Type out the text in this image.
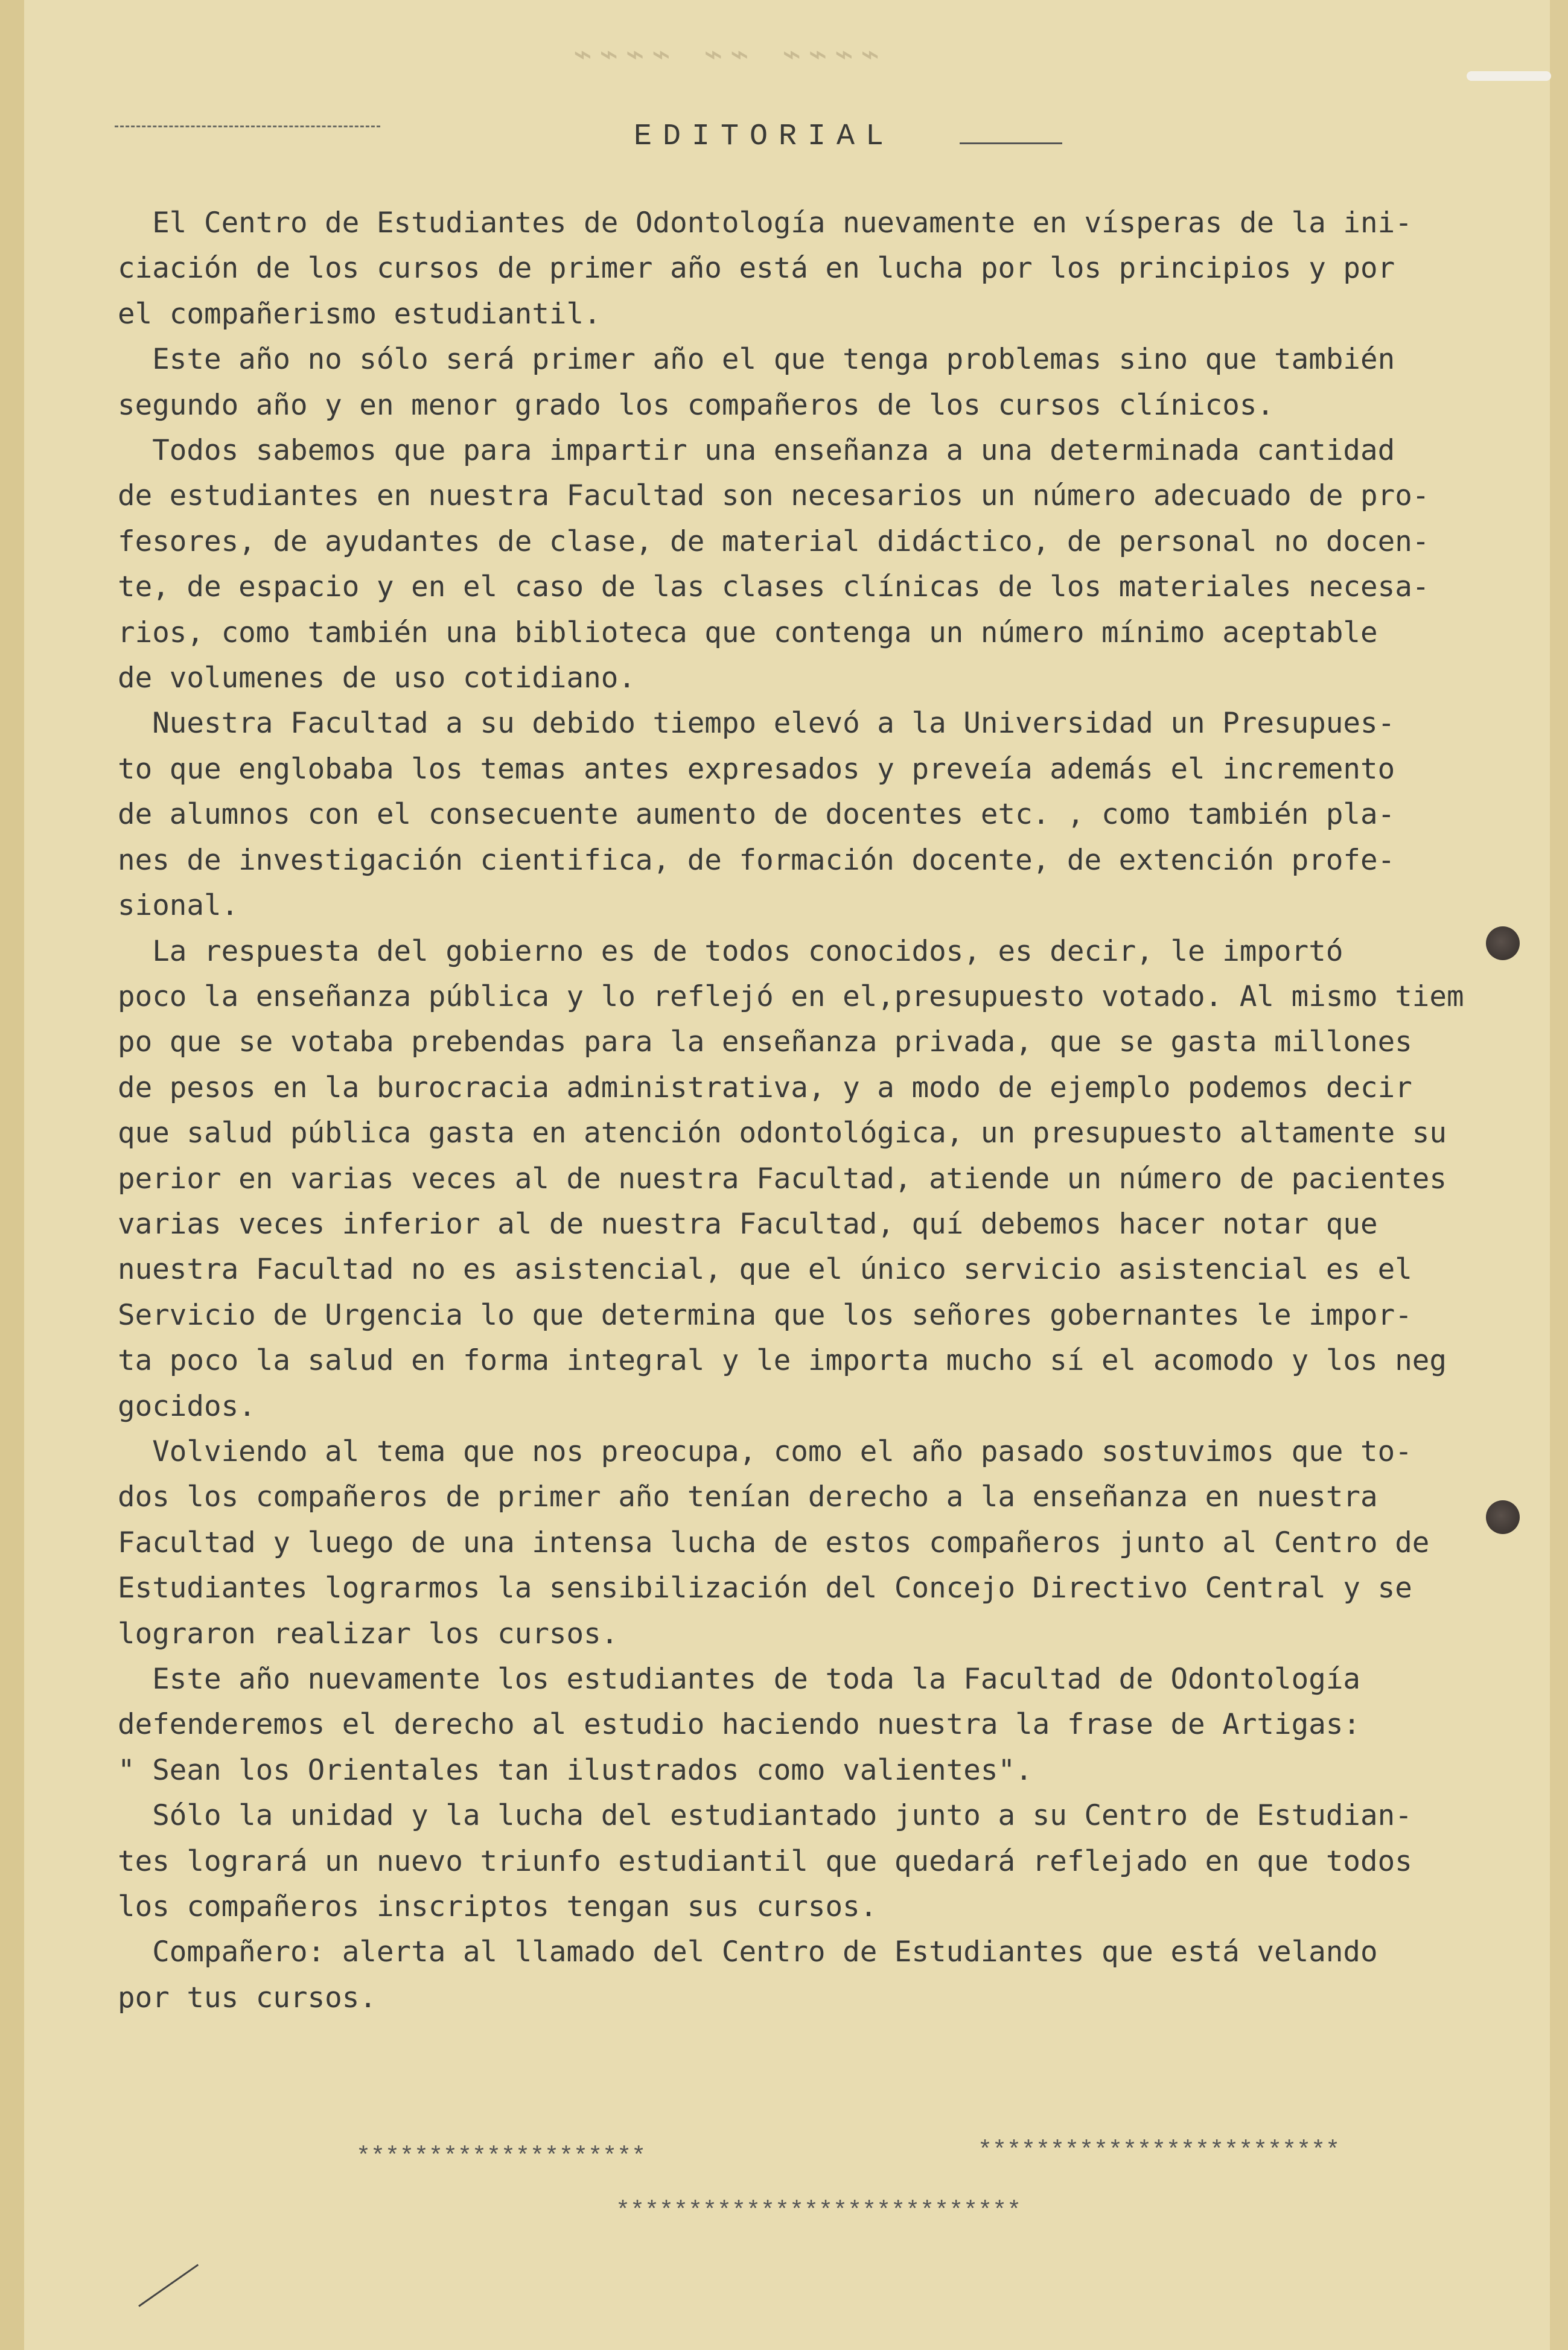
⌁⌁⌁⌁ ⌁⌁ ⌁⌁⌁⌁
EDITORIAL
El Centro de Estudiantes de Odontología nuevamente en vísperas de la ini-
ciación de los cursos de primer año está en lucha por los principios y por
el compañerismo estudiantil.
Este año no sólo será primer año el que tenga problemas sino que también
segundo año y en menor grado los compañeros de los cursos clínicos.
Todos sabemos que para impartir una enseñanza a una determinada cantidad
de estudiantes en nuestra Facultad son necesarios un número adecuado de pro-
fesores, de ayudantes de clase, de material didáctico, de personal no docen-
te, de espacio y en el caso de las clases clínicas de los materiales necesa-
rios, como también una biblioteca que contenga un número mínimo aceptable
de volumenes de uso cotidiano.
Nuestra Facultad a su debido tiempo elevó a la Universidad un Presupues-
to que englobaba los temas antes expresados y preveía además el incremento
de alumnos con el consecuente aumento de docentes etc. , como también pla-
nes de investigación cientifica, de formación docente, de extención profe-
sional.
La respuesta del gobierno es de todos conocidos, es decir, le importó
poco la enseñanza pública y lo reflejó en el,presupuesto votado. Al mismo tiem
po que se votaba prebendas para la enseñanza privada, que se gasta millones
de pesos en la burocracia administrativa, y a modo de ejemplo podemos decir
que salud pública gasta en atención odontológica, un presupuesto altamente su
perior en varias veces al de nuestra Facultad, atiende un número de pacientes
varias veces inferior al de nuestra Facultad, quí debemos hacer notar que
nuestra Facultad no es asistencial, que el único servicio asistencial es el
Servicio de Urgencia lo que determina que los señores gobernantes le impor-
ta poco la salud en forma integral y le importa mucho sí el acomodo y los neg
gocidos.
Volviendo al tema que nos preocupa, como el año pasado sostuvimos que to-
dos los compañeros de primer año tenían derecho a la enseñanza en nuestra
Facultad y luego de una intensa lucha de estos compañeros junto al Centro de
Estudiantes lograrmos la sensibilización del Concejo Directivo Central y se
lograron realizar los cursos.
Este año nuevamente los estudiantes de toda la Facultad de Odontología
defenderemos el derecho al estudio haciendo nuestra la frase de Artigas:
" Sean los Orientales tan ilustrados como valientes".
Sólo la unidad y la lucha del estudiantado junto a su Centro de Estudian-
tes logrará un nuevo triunfo estudiantil que quedará reflejado en que todos
los compañeros inscriptos tengan sus cursos.
Compañero: alerta al llamado del Centro de Estudiantes que está velando
por tus cursos.
********************	*************************
****************************
